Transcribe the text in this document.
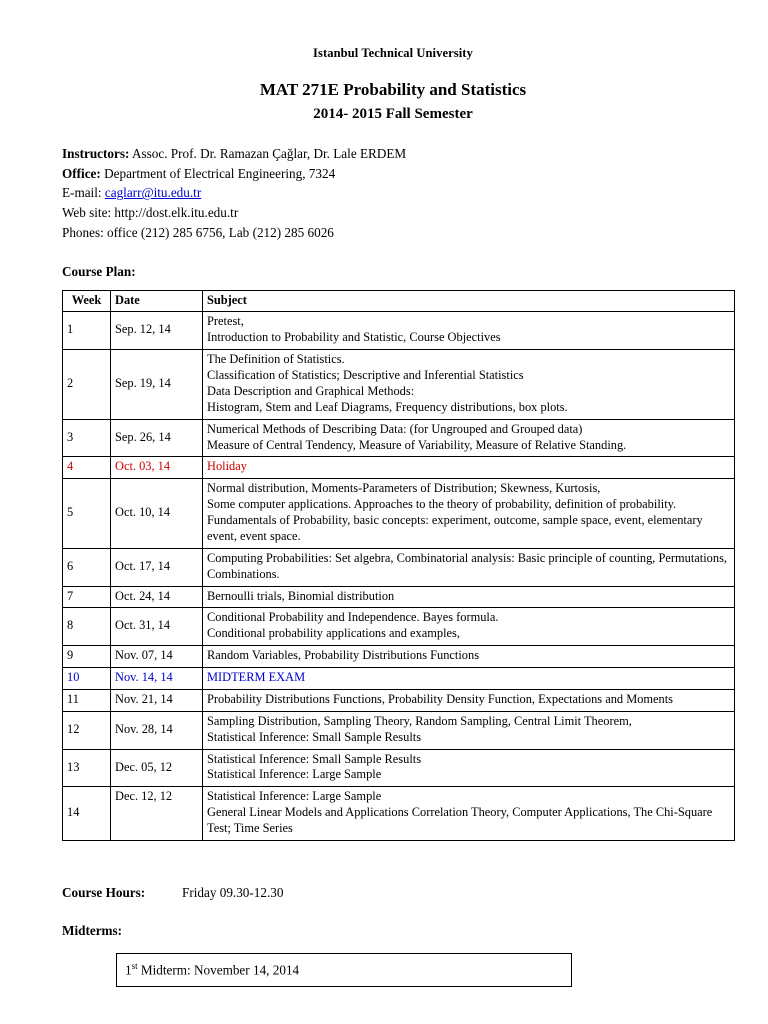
Istanbul Technical University
MAT 271E Probability and Statistics
2014- 2015 Fall Semester
Instructors: Assoc. Prof. Dr. Ramazan Çağlar, Dr. Lale ERDEM
Office: Department of Electrical Engineering, 7324
E-mail: caglarr@itu.edu.tr
Web site: http://dost.elk.itu.edu.tr
Phones: office (212) 285 6756, Lab (212) 285 6026
Course Plan:
Week	Date	Subject
1	Sep. 12, 14	Pretest,
Introduction to Probability and Statistic, Course Objectives
2	Sep. 19, 14	The Definition of Statistics.
Classification of Statistics; Descriptive and Inferential Statistics
Data Description and Graphical Methods:
Histogram, Stem and Leaf Diagrams, Frequency distributions, box plots.
3	Sep. 26, 14	Numerical Methods of Describing Data: (for Ungrouped and Grouped data)
Measure of Central Tendency, Measure of Variability, Measure of Relative Standing.
4	Oct. 03, 14	Holiday
5	Oct. 10, 14	Normal distribution, Moments-Parameters of Distribution; Skewness, Kurtosis,
Some computer applications. Approaches to the theory of probability, definition of probability. Fundamentals of Probability, basic concepts: experiment, outcome, sample space, event, elementary event, event space.
6	Oct. 17, 14	Computing Probabilities: Set algebra, Combinatorial analysis: Basic principle of counting, Permutations, Combinations.
7	Oct. 24, 14	Bernoulli trials, Binomial distribution
8	Oct. 31, 14	Conditional Probability and Independence. Bayes formula.
Conditional probability applications and examples,
9	Nov. 07, 14	Random Variables, Probability Distributions Functions
10	Nov. 14, 14	MIDTERM EXAM
11	Nov. 21, 14	Probability Distributions Functions, Probability Density Function, Expectations and Moments
12	Nov. 28, 14	Sampling Distribution, Sampling Theory, Random Sampling, Central Limit Theorem,
Statistical Inference: Small Sample Results
13	Dec. 05, 12	Statistical Inference: Small Sample Results
Statistical Inference: Large Sample
14	Dec. 12, 12	Statistical Inference: Large Sample
General Linear Models and Applications Correlation Theory, Computer Applications, The Chi-Square Test; Time Series
Course Hours:	Friday 09.30-12.30
Midterms:
1st Midterm: November 14, 2014
